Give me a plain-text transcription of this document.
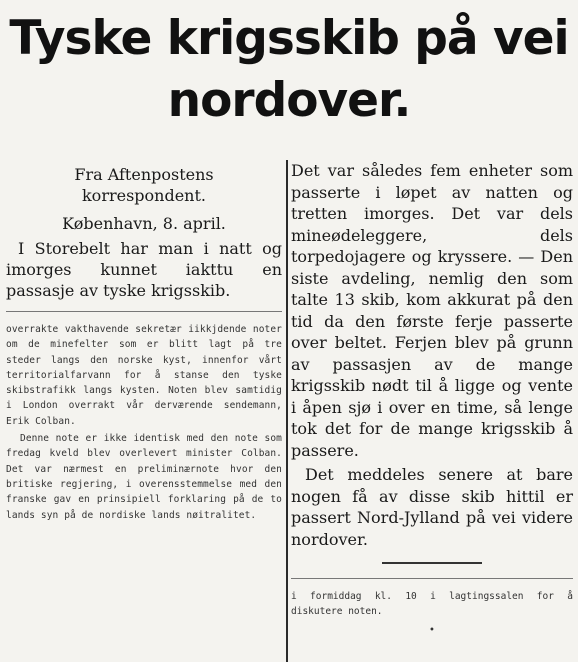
Tyske krigsskib på vei
nordover.

Fra Aftenpostens

korrespondent.

København, 8. april.

I Storebelt har man i natt og imorges kunnet iakttu en passasje av tyske krigsskib.

overrakte vakthavende sekretær iikkjdende noter om de minefelter som er blitt lagt på tre steder langs den norske kyst, innenfor vårt territorialfarvann for å stanse den tyske skibstrafikk langs kysten. Noten blev samtidig i London overrakt vår derværende sendemann, Erik Colban.

Denne note er ikke identisk med den note som fredag kveld blev overlevert minister Colban. Det var nærmest en preliminærnote hvor den britiske regjering, i overensstemmelse med den franske gav en prinsipiell forklaring på de to lands syn på de nordiske lands nøitralitet.

Det var således fem enheter som passerte i løpet av natten og tretten imorges. Det var dels mineødeleggere, dels torpedojagere og kryssere. — Den siste avdeling, nemlig den som talte 13 skib, kom akkurat på den tid da den første ferje passerte over beltet. Ferjen blev på grunn av passasjen av de mange krigsskib nødt til å ligge og vente i åpen sjø i over en time, så lenge tok det for de mange krigsskib å passere.

Det meddeles senere at bare nogen få av disse skib hittil er passert Nord-Jylland på vei videre nordover.

i formiddag kl. 10 i lagtingssalen for å diskutere noten.

•
